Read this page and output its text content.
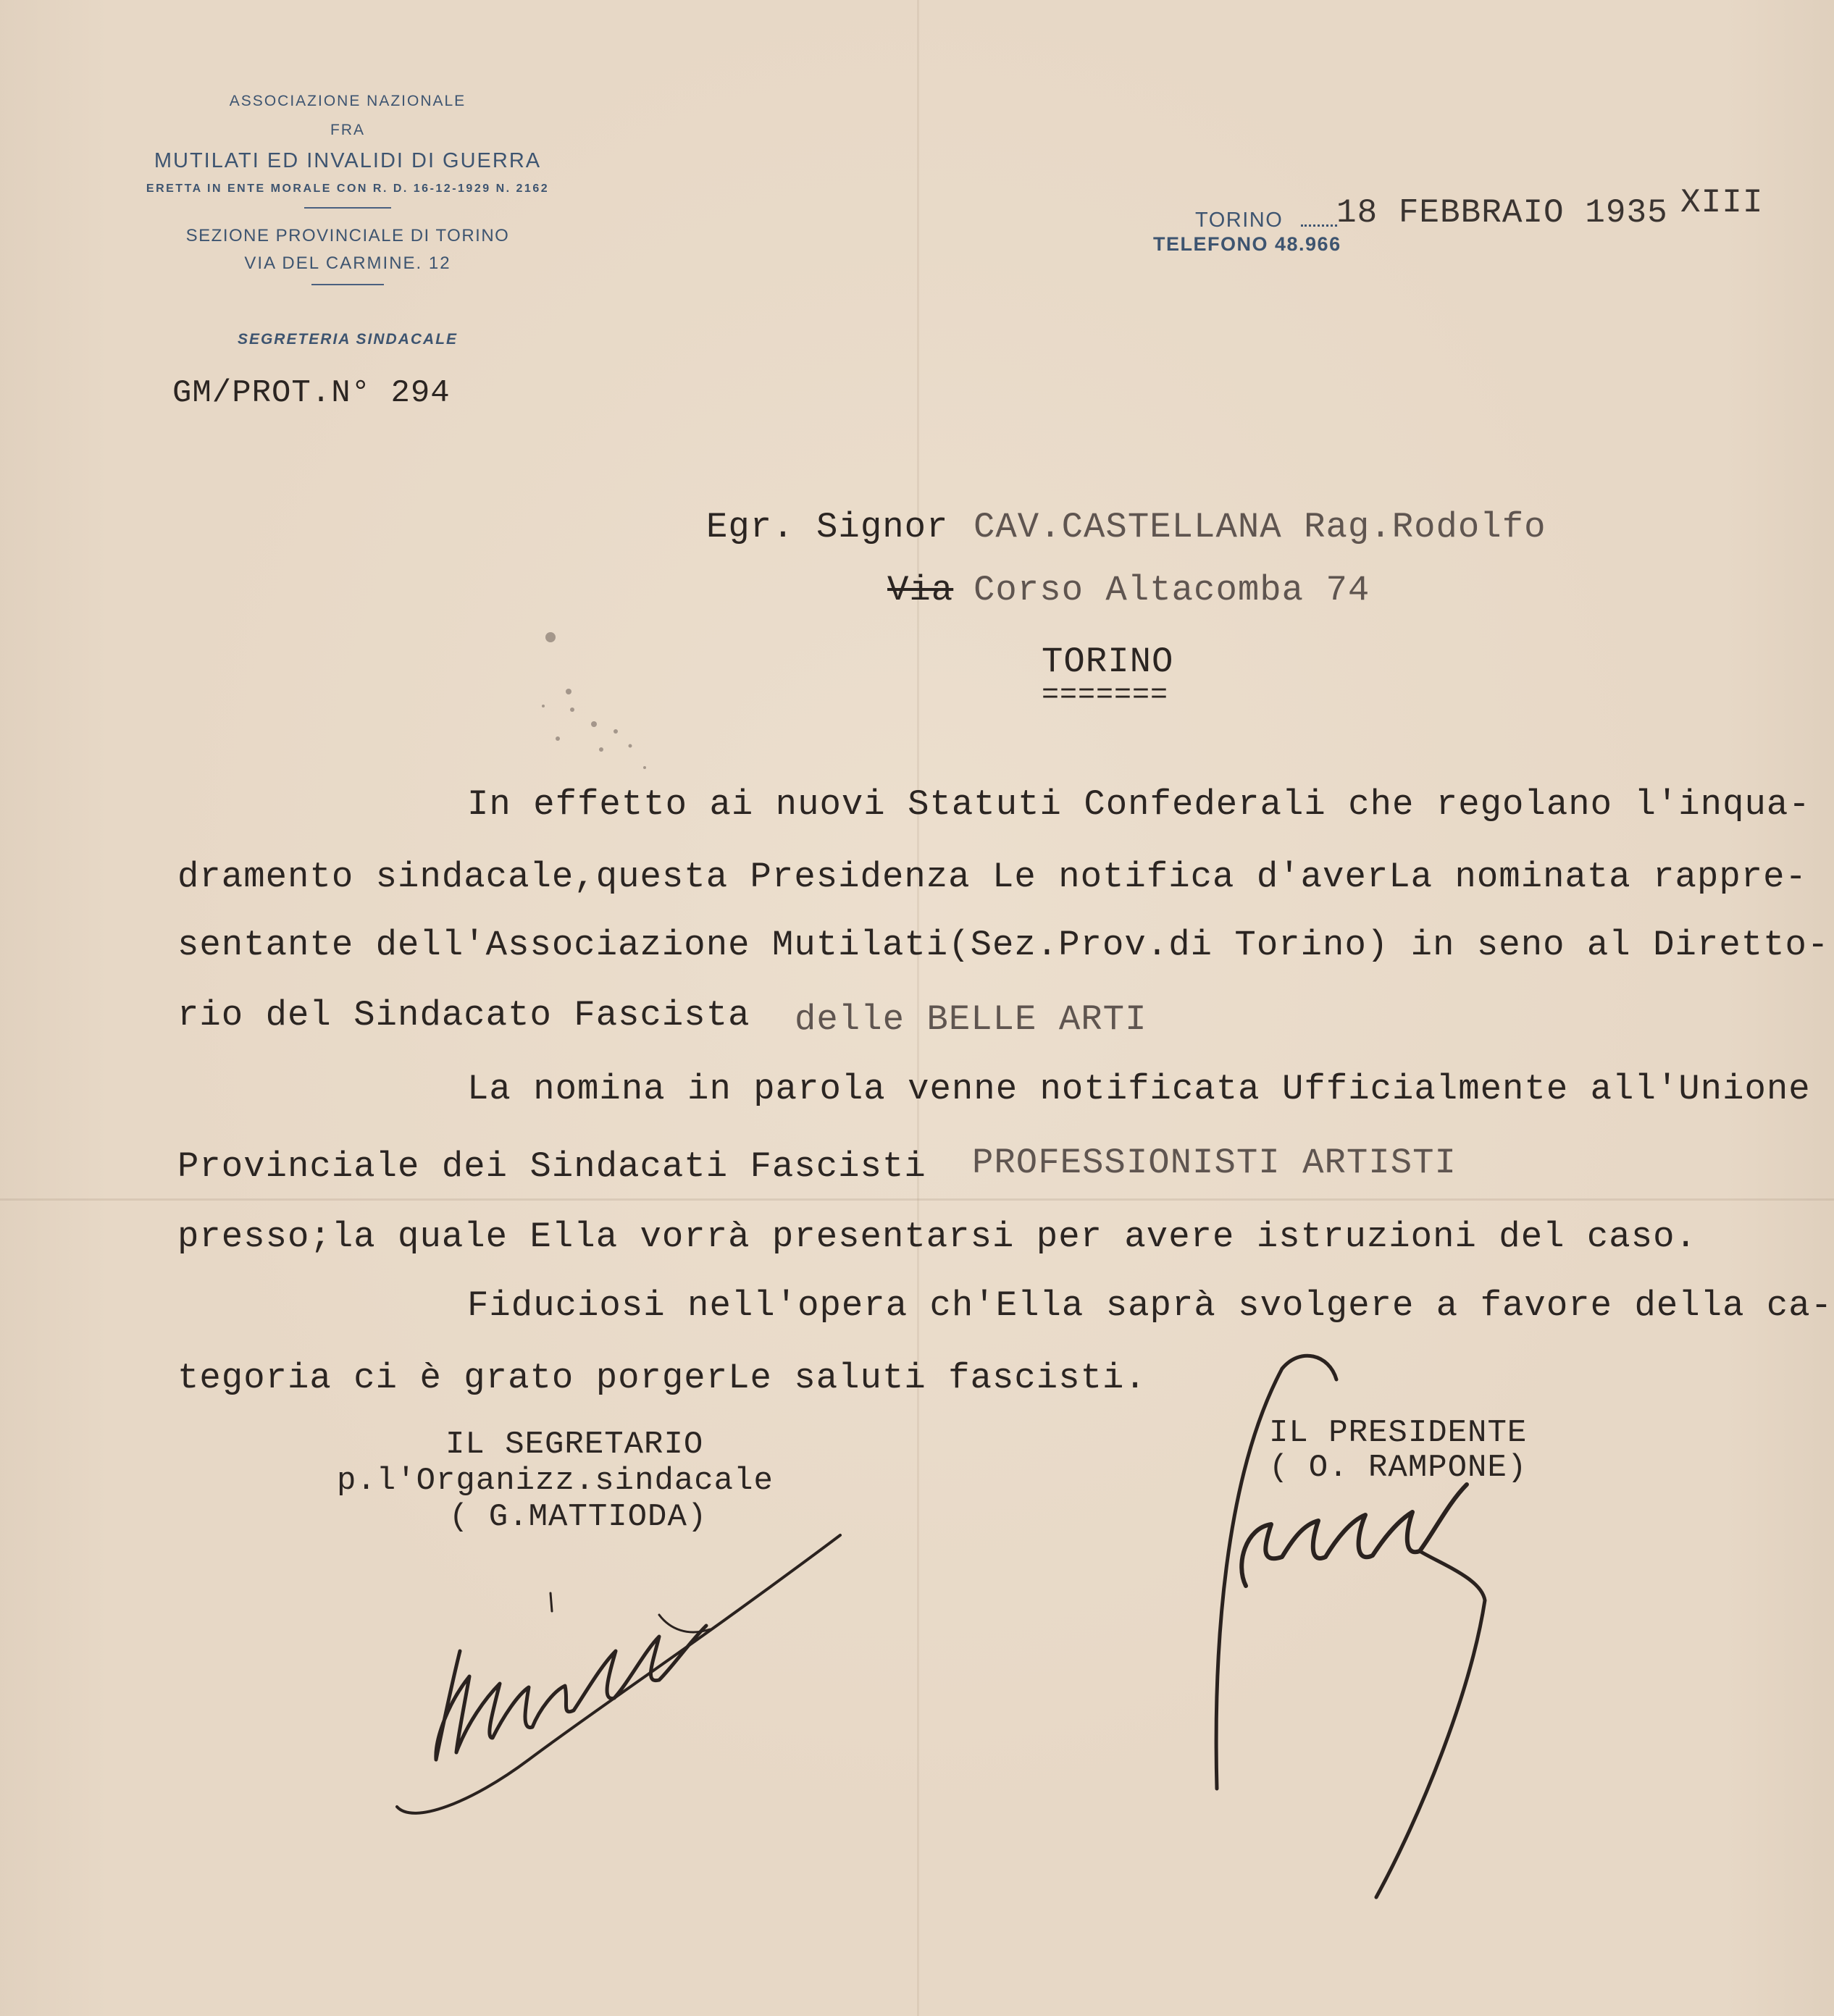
ASSOCIAZIONE NAZIONALE
FRA
MUTILATI ED INVALIDI DI GUERRA
ERETTA IN ENTE MORALE CON R. D. 16-12-1929 N. 2162
SEZIONE PROVINCIALE DI TORINO
VIA DEL CARMINE. 12
SEGRETERIA SINDACALE
TORINO
TELEFONO 48.966
18 FEBBRAIO 1935 XIII
GM/PROT.N° 294
Egr. Signor CAV.CASTELLANA Rag.Rodolfo
Via Corso Altacomba 74
TORINO
=======
In effetto ai nuovi Statuti Confederali che regolano l'inqua-
dramento sindacale,questa Presidenza Le notifica d'averLa nominata rappre-
sentante dell'Associazione Mutilati(Sez.Prov.di Torino) in seno al Diretto-
rio del Sindacato Fascista delle BELLE ARTI
La nomina in parola venne notificata Ufficialmente all'Unione
Provinciale dei Sindacati Fascisti PROFESSIONISTI ARTISTI
presso;la quale Ella vorrà presentarsi per avere istruzioni del caso.
Fiduciosi nell'opera ch'Ella saprà svolgere a favore della ca-
tegoria ci è grato porgerLe saluti fascisti.
IL SEGRETARIO
p.l'Organizz.sindacale
( G.MATTIODA)
IL PRESIDENTE
( O. RAMPONE)
